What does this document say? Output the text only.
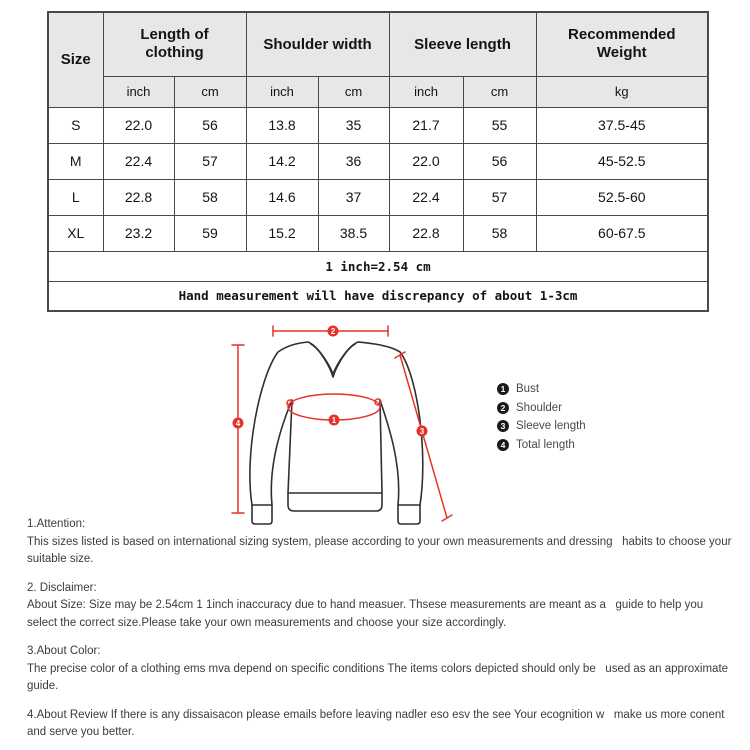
Size	Length of clothing		Shoulder width		Sleeve length		Recommended Weight
	inch	cm	inch	cm	inch	cm	kg
S	22.0	56	13.8	35	21.7	55	37.5-45
M	22.4	57	14.2	36	22.0	56	45-52.5
L	22.8	58	14.6	37	22.4	57	52.5-60
XL	23.2	59	15.2	38.5	22.8	58	60-67.5
1 inch=2.54 cm							
Hand measurement will have discrepancy of about 1-3cm							
1
2
3
4
1 Bust
2 Shoulder
3 Sleeve length
4 Total length
1.Attention:
This sizes listed is based on international sizing system, please according to your own measurements and dressing   habits to choose your suitable size.
2. Disclaimer:
About Size: Size may be 2.54cm 1 1inch inaccuracy due to hand measuer. Thsese measurements are meant as a   guide to help you select the correct size.Please take your own measurements and choose your size accordingly.
3.About Color:
The precise color of a clothing ems mva depend on specific conditions The items colors depicted should only be   used as an approximate guide.
4.About Review If there is any dissaisacon please emails before leaving nadler eso esv the see Your ecognition w   make us more conent and serve you better.
